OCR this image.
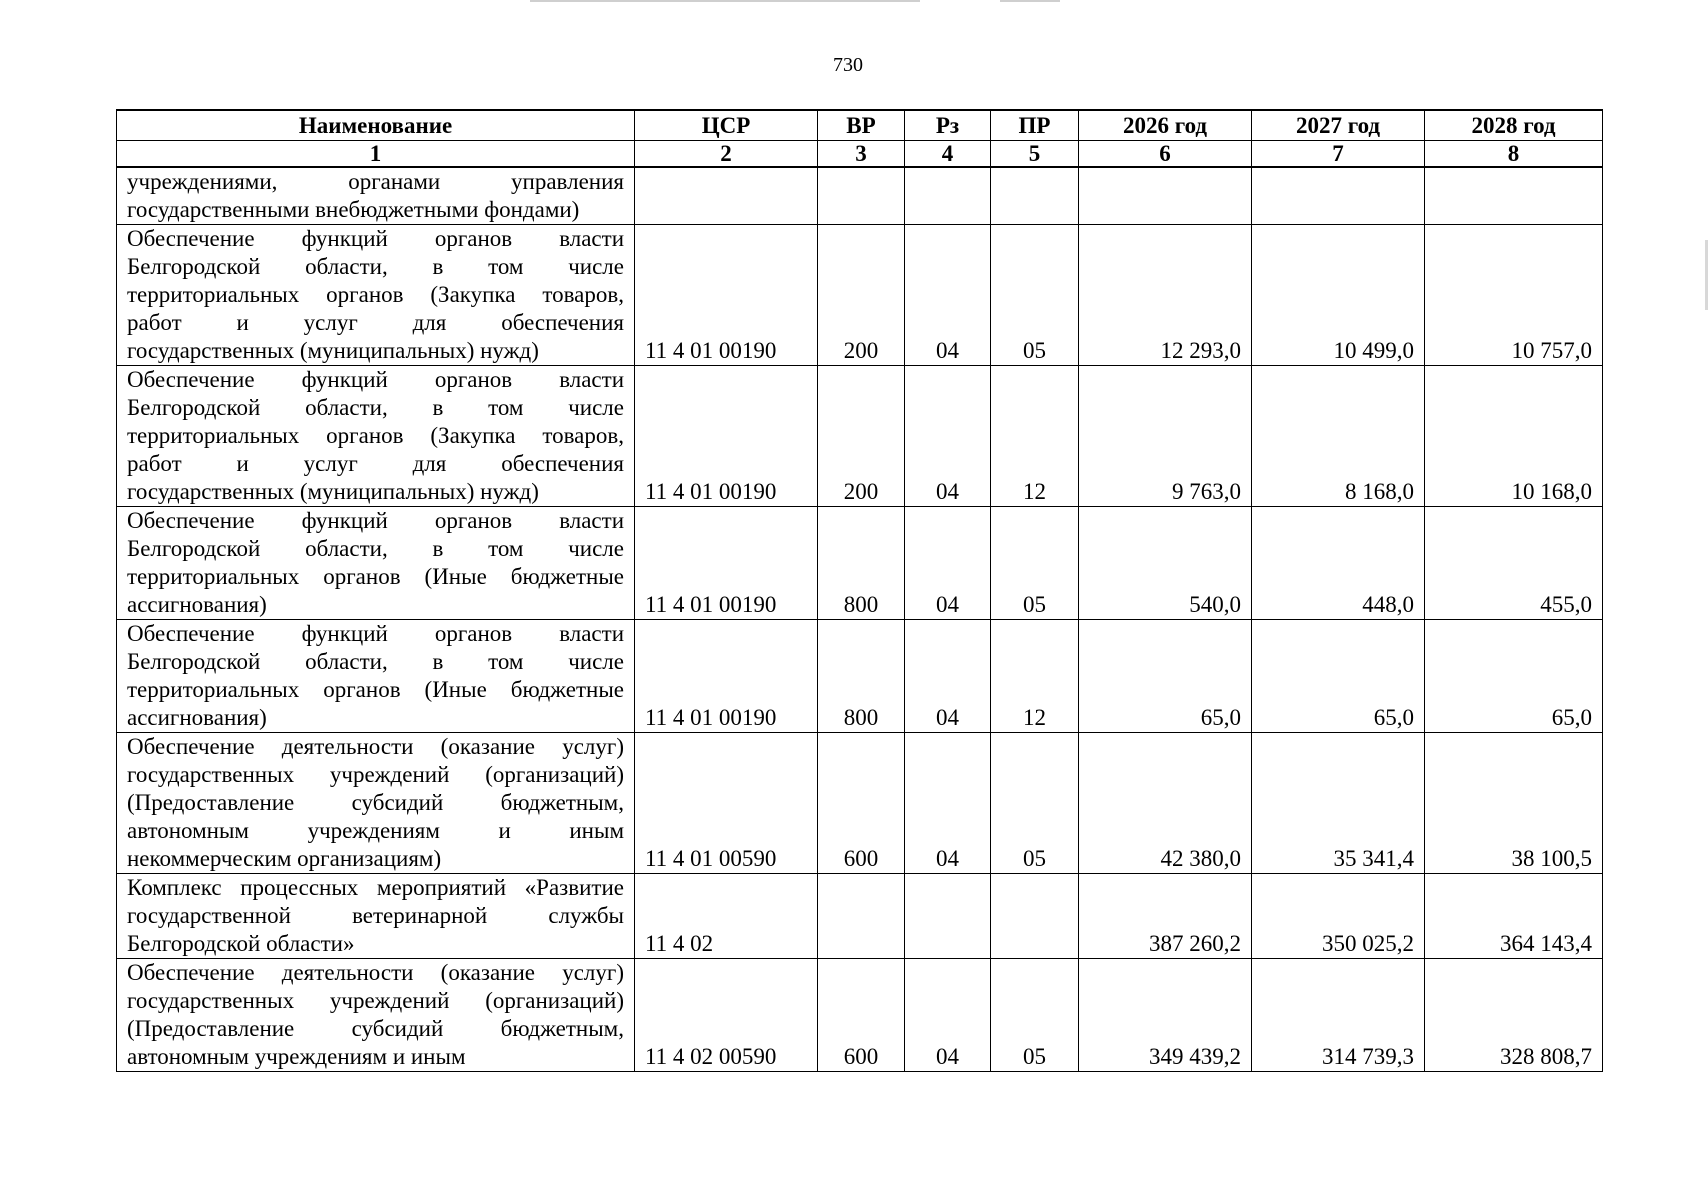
730
Наименование	ЦСР	ВР	Рз	ПР	2026 год	2027 год	2028 год
1	2	3	4	5	6	7	8

учреждениями, органами управления
государственными внебюджетными фондами)							

Обеспечение функций органов власти
Белгородской области, в том числе
территориальных органов (Закупка товаров,
работ и услуг для обеспечения
государственных (муниципальных) нужд)	11 4 01 00190	200	04	05	12 293,0	10 499,0	10 757,0

Обеспечение функций органов власти
Белгородской области, в том числе
территориальных органов (Закупка товаров,
работ и услуг для обеспечения
государственных (муниципальных) нужд)	11 4 01 00190	200	04	12	9 763,0	8 168,0	10 168,0

Обеспечение функций органов власти
Белгородской области, в том числе
территориальных органов (Иные бюджетные
ассигнования)	11 4 01 00190	800	04	05	540,0	448,0	455,0

Обеспечение функций органов власти
Белгородской области, в том числе
территориальных органов (Иные бюджетные
ассигнования)	11 4 01 00190	800	04	12	65,0	65,0	65,0

Обеспечение деятельности (оказание услуг)
государственных учреждений (организаций)
(Предоставление субсидий бюджетным,
автономным учреждениям и иным
некоммерческим организациям)	11 4 01 00590	600	04	05	42 380,0	35 341,4	38 100,5

Комплекс процессных мероприятий «Развитие
государственной ветеринарной службы
Белгородской области»	11 4 02				387 260,2	350 025,2	364 143,4

Обеспечение деятельности (оказание услуг)
государственных учреждений (организаций)
(Предоставление субсидий бюджетным,
автономным учреждениям и иным	11 4 02 00590	600	04	05	349 439,2	314 739,3	328 808,7
